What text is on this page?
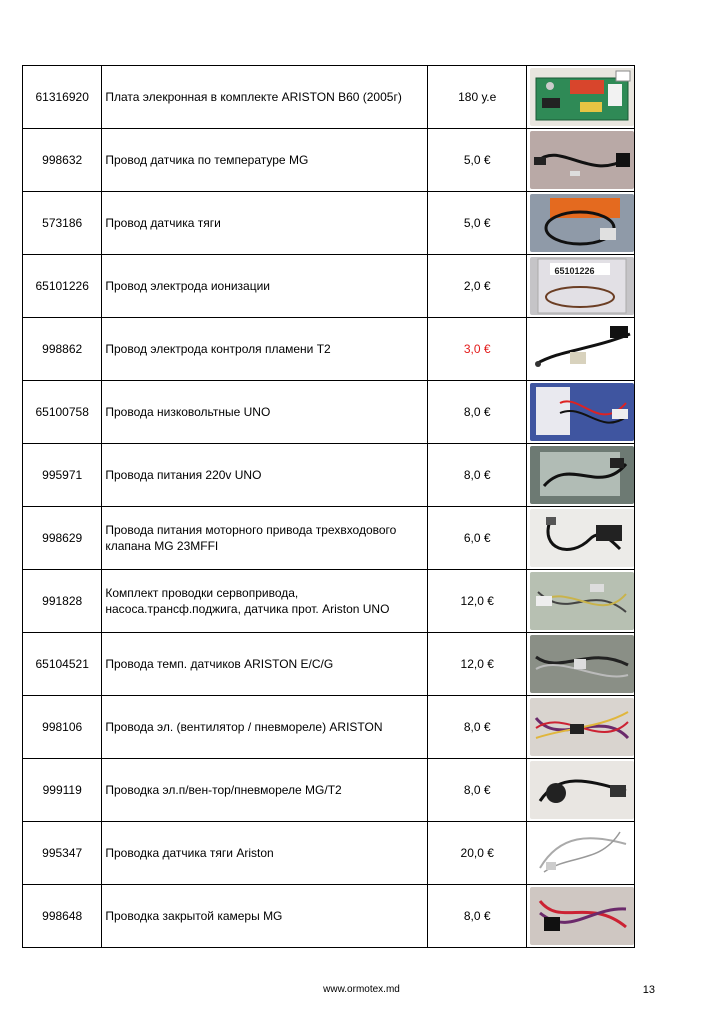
61316920	Плата элекронная в комплекте ARISTON B60 (2005г)	180 у.е	

998632	Провод датчика по температуре MG	5,0 €	

573186	Провод датчика тяги	5,0 €	

65101226	Провод электрода ионизации	2,0 €	65101226

998862	Провод электрода контроля пламени Т2	3,0 €	

65100758	Провода низковольтные UNO	8,0 €	

995971	Провода питания 220v UNO	8,0 €	

998629	Провода питания моторного привода трехвходового клапана MG 23MFFI	6,0 €	

991828	Комплект проводки сервопривода, насоса.трансф.поджига, датчика прот. Ariston UNO	12,0 €	

65104521	Провода темп. датчиков ARISTON E/C/G	12,0 €	

998106	Провода эл. (вентилятор / пневмореле) ARISTON	8,0 €	

999119	Проводка эл.п/вен-тор/пневмореле MG/T2	8,0 €	

995347	Проводка датчика тяги Ariston	20,0 €	

998648	Проводка закрытой камеры MG	8,0 €	
www.ormotex.md	13
